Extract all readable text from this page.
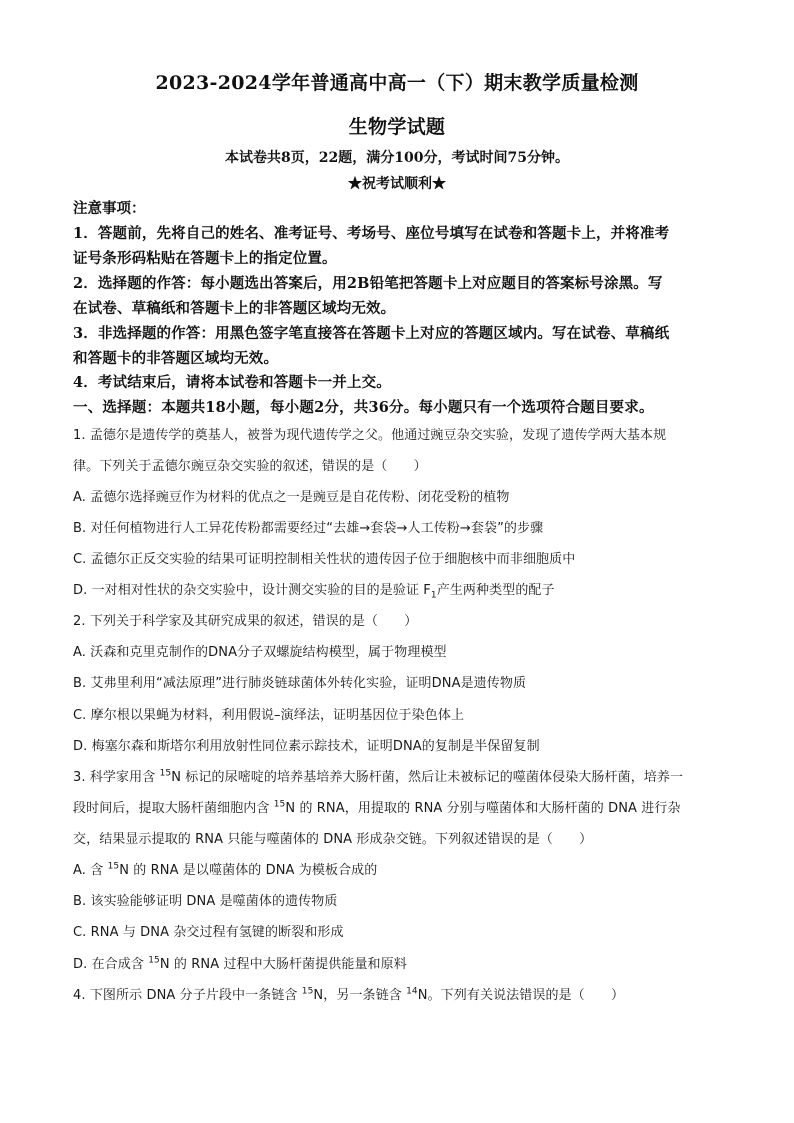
2023-2024学年普通高中高一（下）期末教学质量检测
生物学试题
本试卷共8页，22题，满分100分，考试时间75分钟。
★祝考试顺利★
注意事项：
1．答题前，先将自己的姓名、准考证号、考场号、座位号填写在试卷和答题卡上，并将准考
证号条形码粘贴在答题卡上的指定位置。
2．选择题的作答：每小题选出答案后，用2B铅笔把答题卡上对应题目的答案标号涂黑。写
在试卷、草稿纸和答题卡上的非答题区域均无效。
3．非选择题的作答：用黑色签字笔直接答在答题卡上对应的答题区域内。写在试卷、草稿纸
和答题卡的非答题区域均无效。
4．考试结束后，请将本试卷和答题卡一并上交。
一、选择题：本题共18小题，每小题2分，共36分。每小题只有一个选项符合题目要求。
1. 孟德尔是遗传学的奠基人，被誉为现代遗传学之父。他通过豌豆杂交实验，发现了遗传学两大基本规
律。下列关于孟德尔豌豆杂交实验的叙述，错误的是（　　）
A. 孟德尔选择豌豆作为材料的优点之一是豌豆是自花传粉、闭花受粉的植物
B. 对任何植物进行人工异花传粉都需要经过“去雄→套袋→人工传粉→套袋”的步骤
C. 孟德尔正反交实验的结果可证明控制相关性状的遗传因子位于细胞核中而非细胞质中
D. 一对相对性状的杂交实验中，设计测交实验的目的是验证 $F_1$产生两种类型的配子
2. 下列关于科学家及其研究成果的叙述，错误的是（　　）
A. 沃森和克里克制作的DNA分子双螺旋结构模型，属于物理模型
B. 艾弗里利用“减法原理”进行肺炎链球菌体外转化实验，证明DNA是遗传物质
C. 摩尔根以果蝇为材料，利用假说–演绎法，证明基因位于染色体上
D. 梅塞尔森和斯塔尔利用放射性同位素示踪技术，证明DNA的复制是半保留复制
3. 科学家用含 $^{15}$N 标记的尿嘧啶的培养基培养大肠杆菌，然后让未被标记的噬菌体侵染大肠杆菌，培养一
段时间后，提取大肠杆菌细胞内含 $^{15}$N 的 RNA，用提取的 RNA 分别与噬菌体和大肠杆菌的 DNA 进行杂
交，结果显示提取的 RNA 只能与噬菌体的 DNA 形成杂交链。下列叙述错误的是（　　）
A. 含 $^{15}$N 的 RNA 是以噬菌体的 DNA 为模板合成的
B. 该实验能够证明 DNA 是噬菌体的遗传物质
C. RNA 与 DNA 杂交过程有氢键的断裂和形成
D. 在合成含 $^{15}$N 的 RNA 过程中大肠杆菌提供能量和原料
4. 下图所示 DNA 分子片段中一条链含 $^{15}$N，另一条链含 $^{14}$N。下列有关说法错误的是（　　）
